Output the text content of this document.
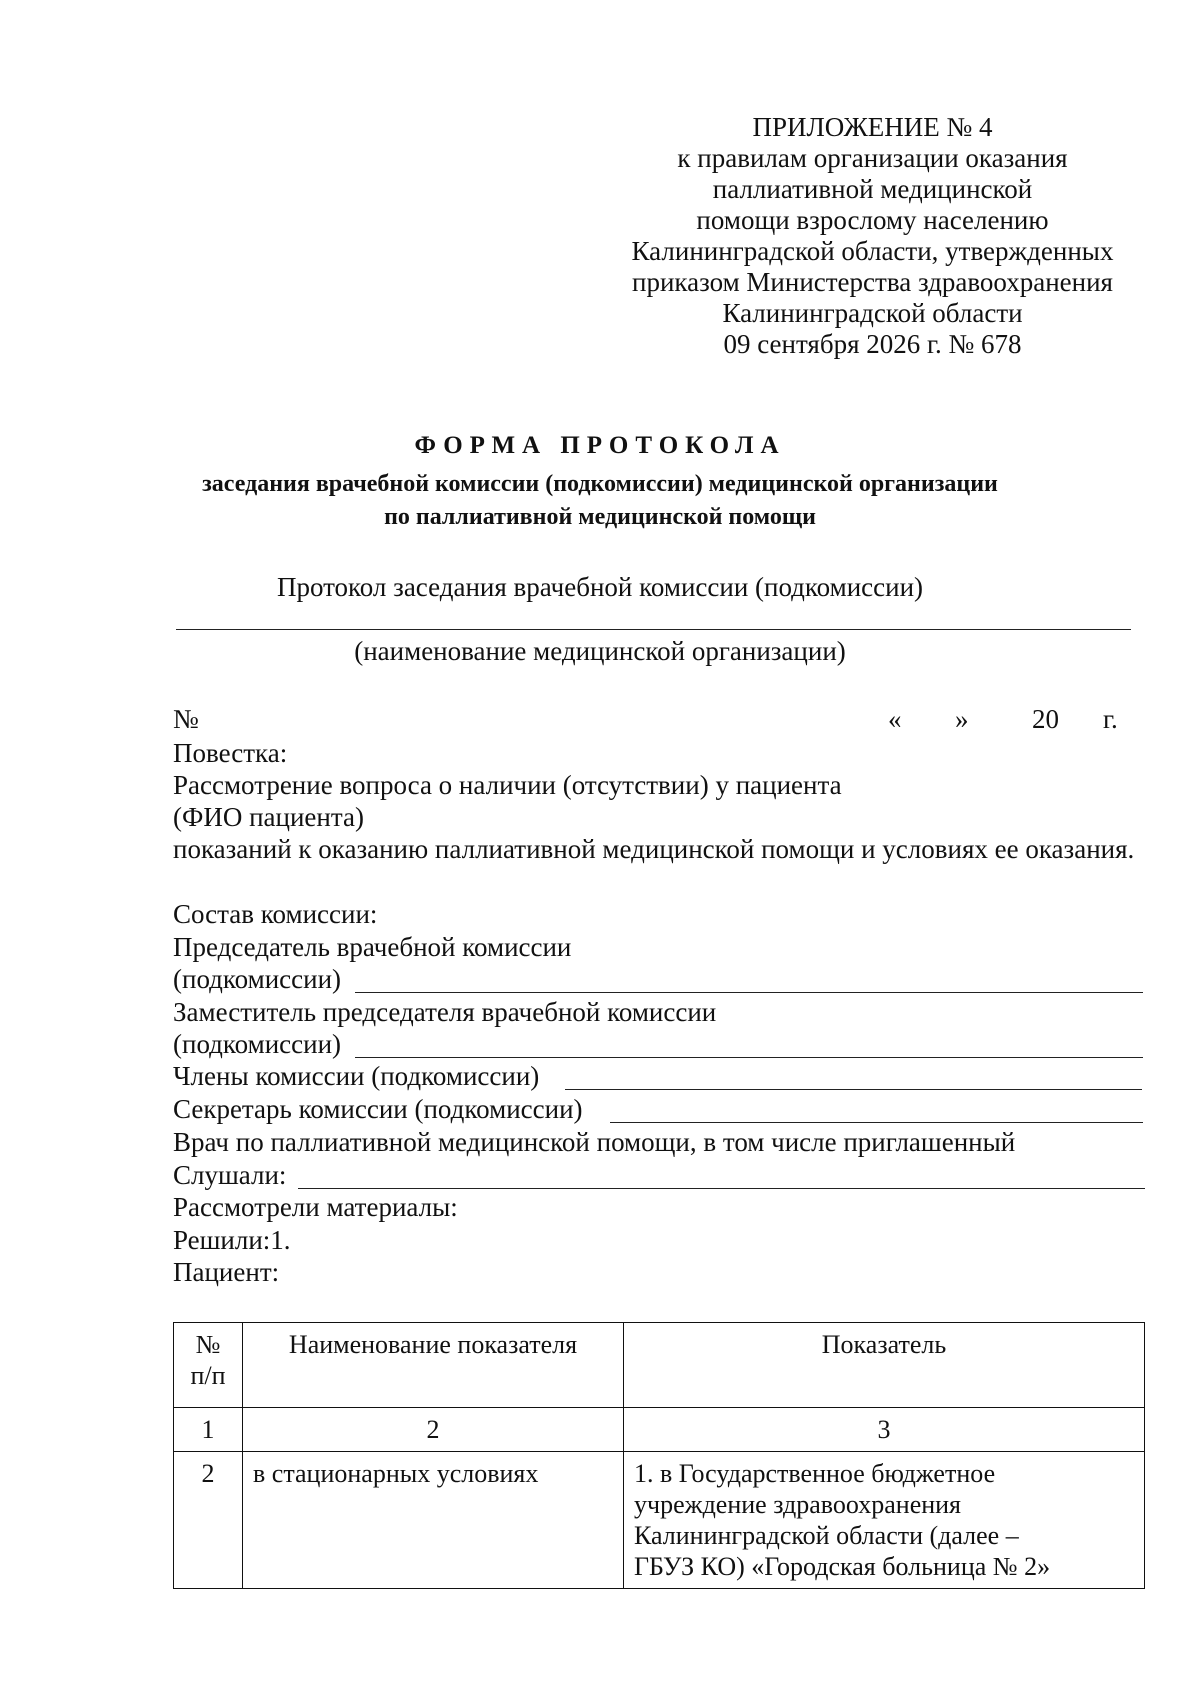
ПРИЛОЖЕНИЕ № 4
к правилам организации оказания
паллиативной медицинской
помощи взрослому населению
Калининградской области, утвержденных
приказом Министерства здравоохранения
Калининградской области
09 сентября 2026 г. № 678
ФОРМА ПРОТОКОЛА
заседания врачебной комиссии (подкомиссии) медицинской организации
по паллиативной медицинской помощи
Протокол заседания врачебной комиссии (подкомиссии)
(наименование медицинской организации)
№	« » 20 г.
Повестка:
Рассмотрение вопроса о наличии (отсутствии) у пациента
(ФИО пациента)
показаний к оказанию паллиативной медицинской помощи и условиях ее оказания.
Состав комиссии:
Председатель врачебной комиссии
(подкомиссии)
Заместитель председателя врачебной комиссии
(подкомиссии)
Члены комиссии (подкомиссии)
Секретарь комиссии (подкомиссии)
Врач по паллиативной медицинской помощи, в том числе приглашенный
Слушали:
Рассмотрели материалы:
Решили:1.
Пациент:
№ п/п	Наименование показателя	Показатель
1	2	3
2	в стационарных условиях	1. в Государственное бюджетное
учреждение здравоохранения
Калининградской области (далее –
ГБУЗ КО) «Городская больница № 2»
